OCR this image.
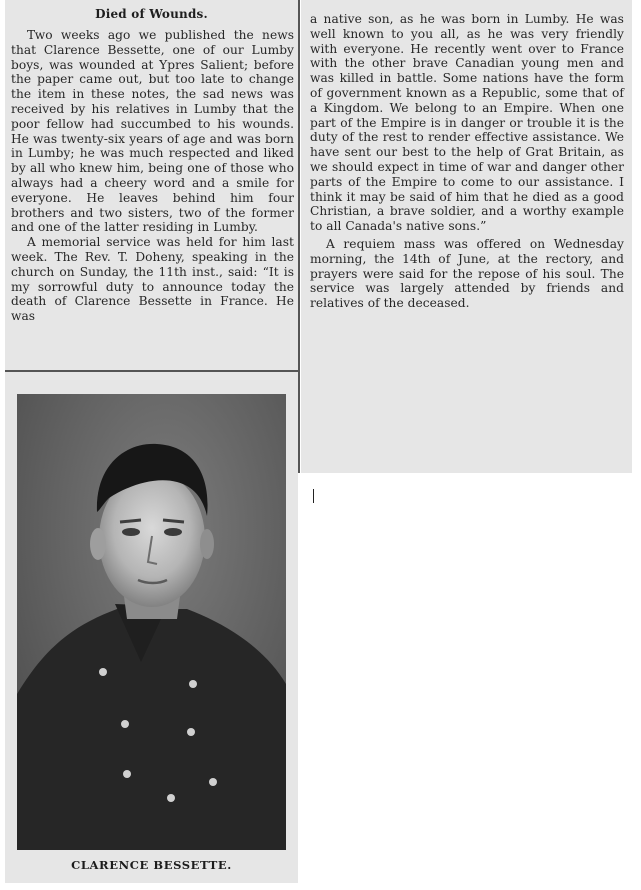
Died of Wounds.

Two weeks ago we published the news that Clarence Bessette, one of our Lumby boys, was wounded at Ypres Salient; before the paper came out, but too late to change the item in these notes, the sad news was received by his relatives in Lumby that the poor fellow had succumbed to his wounds. He was twenty-six years of age and was born in Lumby; he was much respected and liked by all who knew him, being one of those who always had a cheery word and a smile for everyone. He leaves behind him four brothers and two sisters, two of the former and one of the latter residing in Lumby.

A memorial service was held for him last week. The Rev. T. Doheny, speaking in the church on Sunday, the 11th inst., said: “It is my sorrowful duty to announce today the death of Clarence Bessette in France. He was

CLARENCE BESSETTE.

a native son, as he was born in Lumby. He was well known to you all, as he was very friendly with everyone. He recently went over to France with the other brave Canadian young men and was killed in battle. Some nations have the form of government known as a Republic, some that of a Kingdom. We belong to an Empire. When one part of the Empire is in danger or trouble it is the duty of the rest to render effective assistance. We have sent our best to the help of Grat Britain, as we should expect in time of war and danger other parts of the Empire to come to our assistance. I think it may be said of him that he died as a good Christian, a brave soldier, and a worthy example to all Canada's native sons.”

A requiem mass was offered on Wednesday morning, the 14th of June, at the rectory, and prayers were said for the repose of his soul. The service was largely attended by friends and relatives of the deceased.
